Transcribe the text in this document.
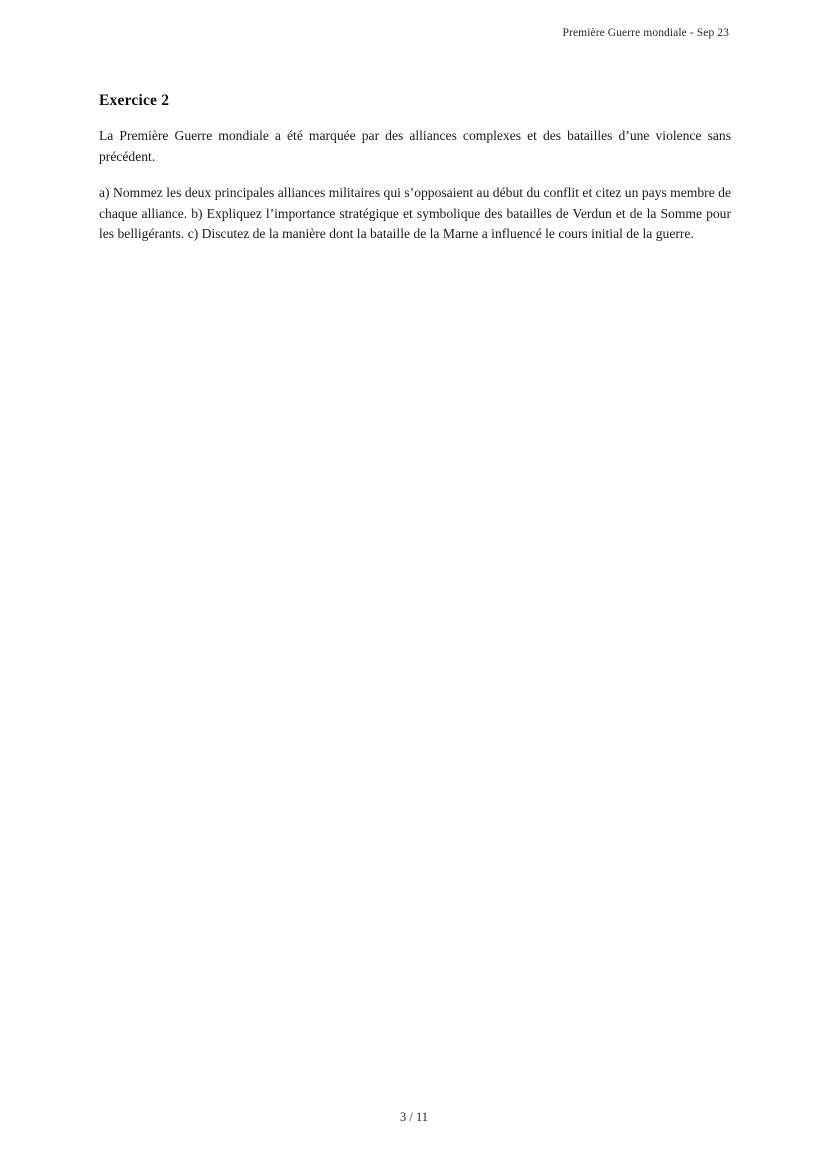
Première Guerre mondiale - Sep 23
Exercice 2

La Première Guerre mondiale a été marquée par des alliances complexes et des batailles d’une violence sans précédent.

a) Nommez les deux principales alliances militaires qui s’opposaient au début du conflit et citez un pays membre de chaque alliance. b) Expliquez l’importance stratégique et symbolique des batailles de Verdun et de la Somme pour les belligérants. c) Discutez de la manière dont la bataille de la Marne a influencé le cours initial de la guerre.

3 / 11
